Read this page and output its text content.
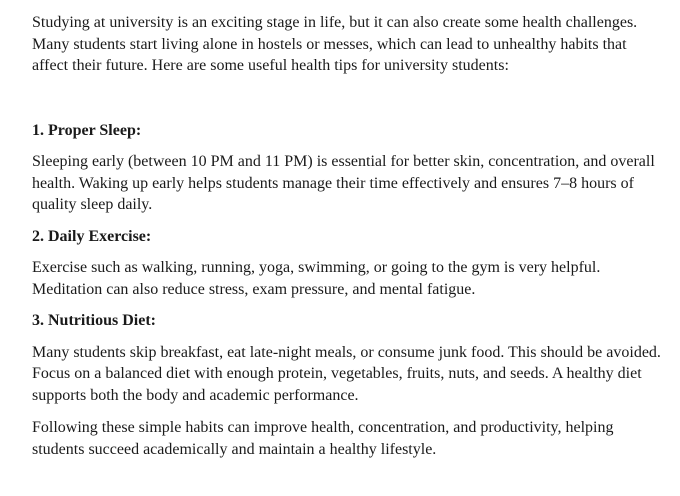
Studying at university is an exciting stage in life, but it can also create some health challenges. Many students start living alone in hostels or messes, which can lead to unhealthy habits that affect their future. Here are some useful health tips for university students:

1. Proper Sleep:

Sleeping early (between 10 PM and 11 PM) is essential for better skin, concentration, and overall health. Waking up early helps students manage their time effectively and ensures 7–8 hours of quality sleep daily.

2. Daily Exercise:

Exercise such as walking, running, yoga, swimming, or going to the gym is very helpful. Meditation can also reduce stress, exam pressure, and mental fatigue.

3. Nutritious Diet:

Many students skip breakfast, eat late-night meals, or consume junk food. This should be avoided. Focus on a balanced diet with enough protein, vegetables, fruits, nuts, and seeds. A healthy diet supports both the body and academic performance.

Following these simple habits can improve health, concentration, and productivity, helping students succeed academically and maintain a healthy lifestyle.
